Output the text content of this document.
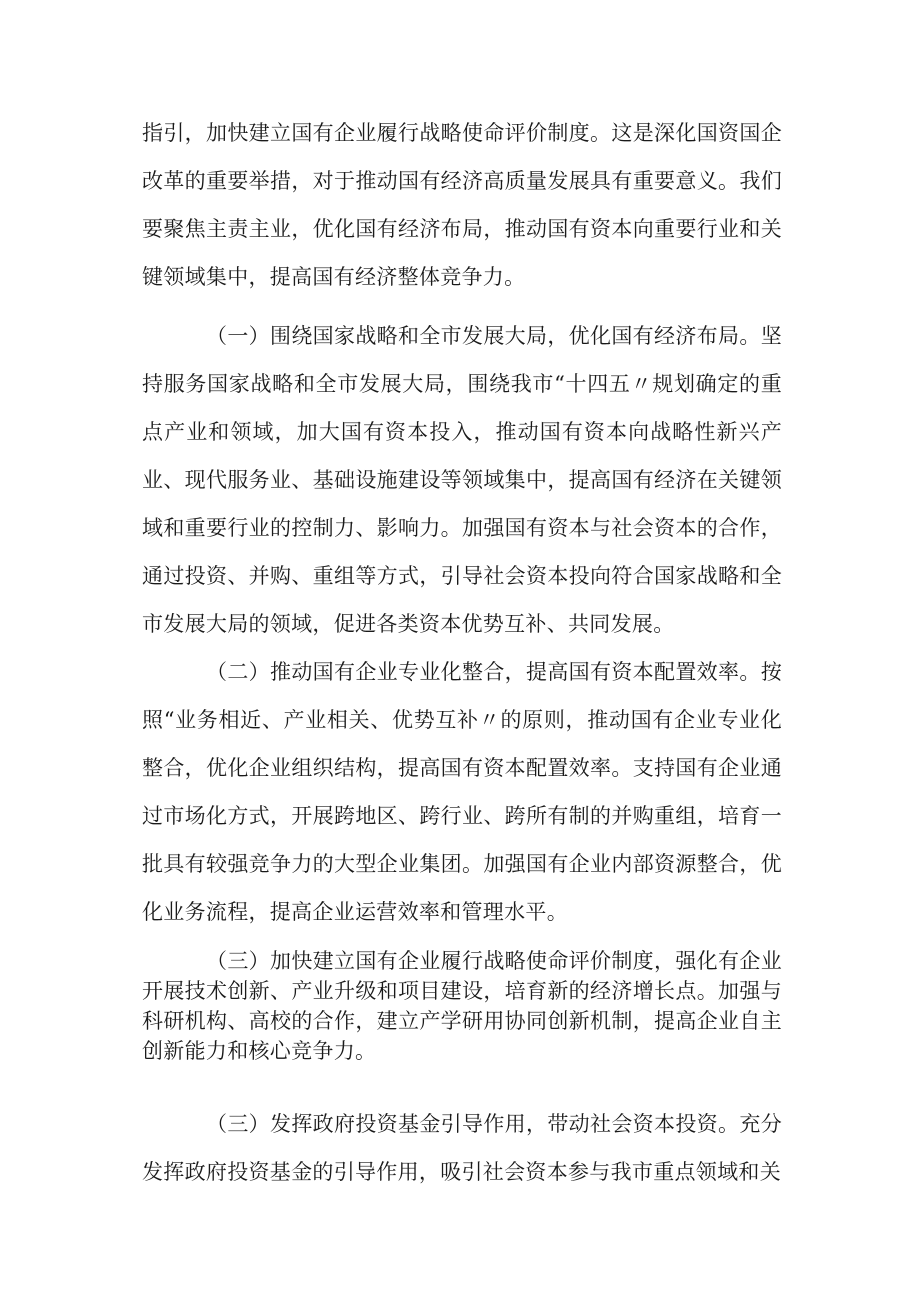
指引，加快建立国有企业履行战略使命评价制度。这是深化国资国企改革的重要举措，对于推动国有经济高质量发展具有重要意义。我们要聚焦主责主业，优化国有经济布局，推动国有资本向重要行业和关键领域集中，提高国有经济整体竞争力。

（一）围绕国家战略和全市发展大局，优化国有经济布局。坚持服务国家战略和全市发展大局，围绕我市“十四五〃规划确定的重点产业和领域，加大国有资本投入，推动国有资本向战略性新兴产业、现代服务业、基础设施建设等领域集中，提高国有经济在关键领域和重要行业的控制力、影响力。加强国有资本与社会资本的合作，通过投资、并购、重组等方式，引导社会资本投向符合国家战略和全市发展大局的领域，促进各类资本优势互补、共同发展。

（二）推动国有企业专业化整合，提高国有资本配置效率。按照“业务相近、产业相关、优势互补〃的原则，推动国有企业专业化整合，优化企业组织结构，提高国有资本配置效率。支持国有企业通过市场化方式，开展跨地区、跨行业、跨所有制的并购重组，培育一批具有较强竞争力的大型企业集团。加强国有企业内部资源整合，优化业务流程，提高企业运营效率和管理水平。

（三）加快建立国有企业履行战略使命评价制度，强化有企业开展技术创新、产业升级和项目建设，培育新的经济增长点。加强与科研机构、高校的合作，建立产学研用协同创新机制，提高企业自主创新能力和核心竞争力。

（三）发挥政府投资基金引导作用，带动社会资本投资。充分发挥政府投资基金的引导作用，吸引社会资本参与我市重点领域和关
